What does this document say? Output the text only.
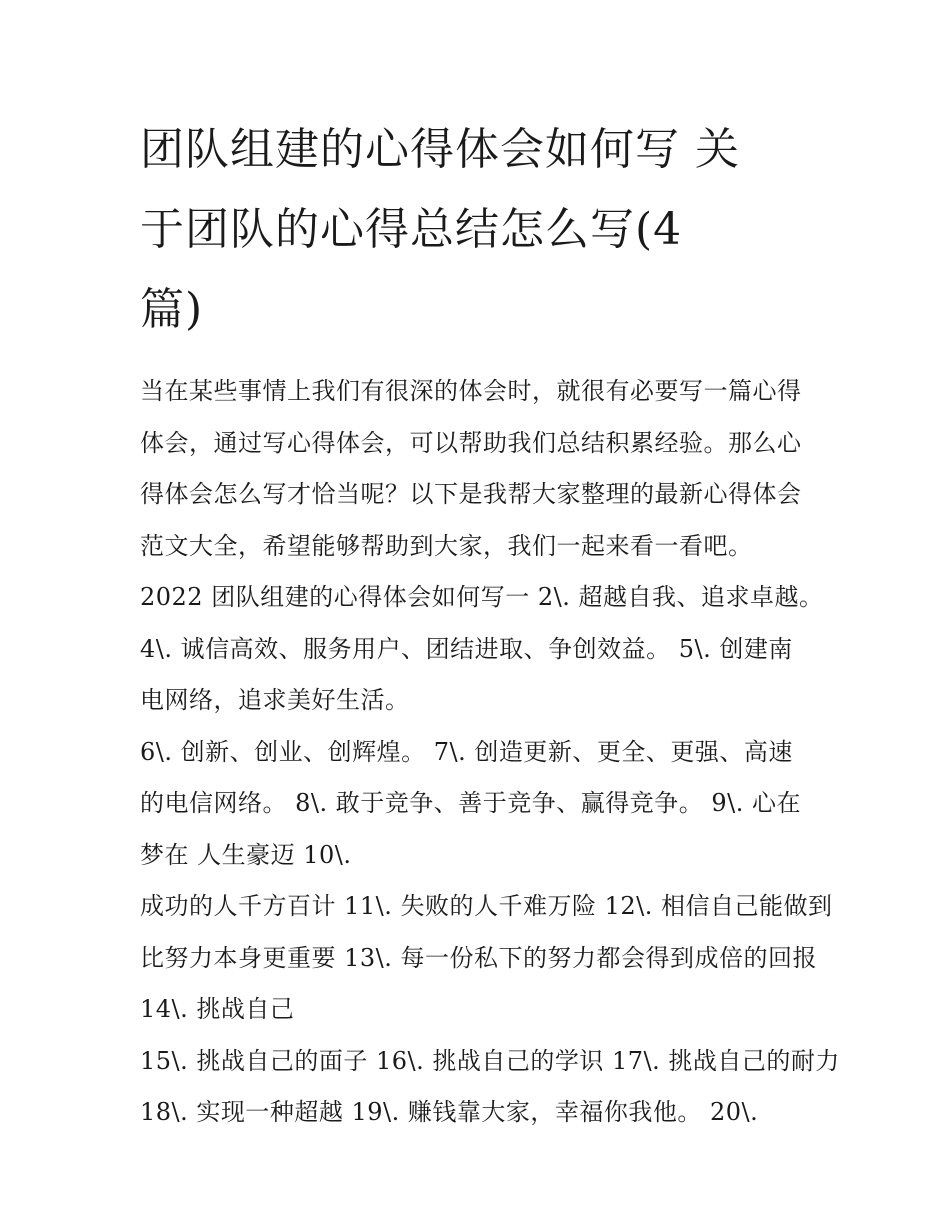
团队组建的心得体会如何写 关
于团队的心得总结怎么写(4
篇)
当在某些事情上我们有很深的体会时，就很有必要写一篇心得
体会，通过写心得体会，可以帮助我们总结积累经验。那么心
得体会怎么写才恰当呢？以下是我帮大家整理的最新心得体会
范文大全，希望能够帮助到大家，我们一起来看一看吧。
2022 团队组建的心得体会如何写一 2\. 超越自我、追求卓越。
4\. 诚信高效、服务用户、团结进取、争创效益。 5\. 创建南
电网络，追求美好生活。
6\. 创新、创业、创辉煌。 7\. 创造更新、更全、更强、高速
的电信网络。 8\. 敢于竞争、善于竞争、赢得竞争。 9\. 心在
梦在 人生豪迈 10\.
成功的人千方百计 11\. 失败的人千难万险 12\. 相信自己能做到
比努力本身更重要 13\. 每一份私下的努力都会得到成倍的回报
14\. 挑战自己
15\. 挑战自己的面子 16\. 挑战自己的学识 17\. 挑战自己的耐力
18\. 实现一种超越 19\. 赚钱靠大家，幸福你我他。 20\.
